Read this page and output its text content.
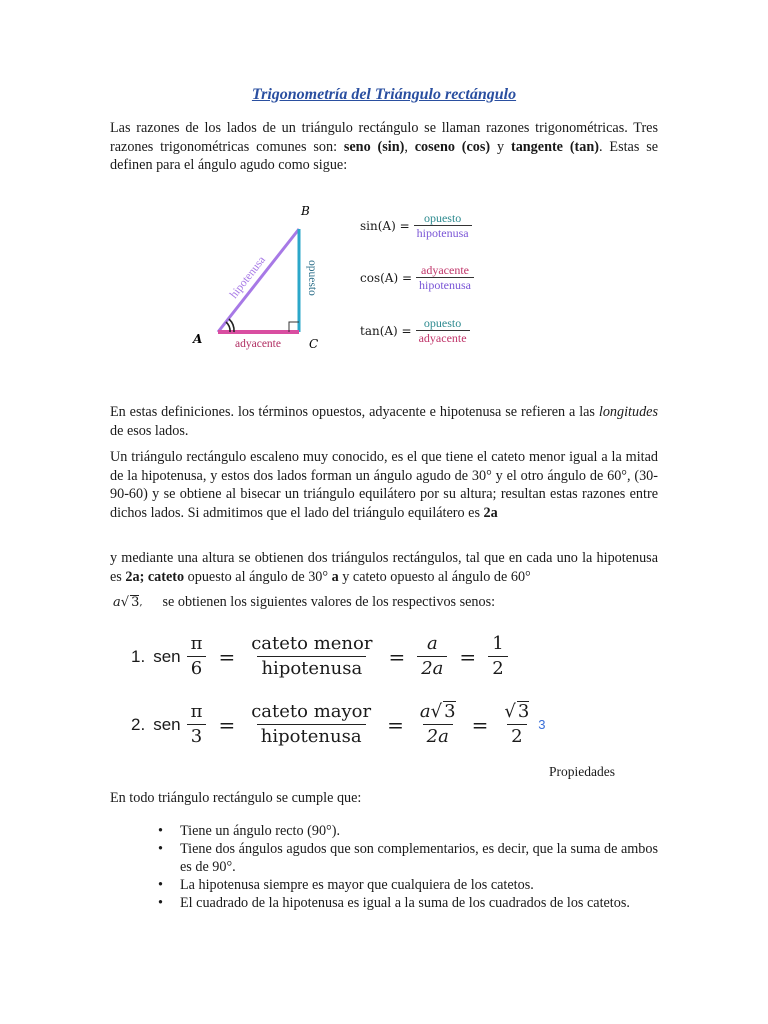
Trigonometría del Triángulo rectángulo
Las razones de los lados de un triángulo rectángulo se llaman razones trigonométricas. Tres razones trigonométricas comunes son: seno (sin), coseno (cos) y tangente (tan). Estas se definen para el ángulo agudo como sigue:
A
B
C
adyacente
hipotenusa	opuesto
$\sin(A) = \frac{\text{opuesto}}{\text{hipotenusa}}$
$\cos(A) = \frac{\text{adyacente}}{\text{hipotenusa}}$
$\tan(A) = \frac{\text{opuesto}}{\text{adyacente}}$
En estas definiciones. los términos opuestos, adyacente e hipotenusa se refieren a las longitudes de esos lados.
Un triángulo rectángulo escaleno muy conocido, es el que tiene el cateto menor igual a la mitad de la hipotenusa, y estos dos lados forman un ángulo agudo de 30° y el otro ángulo de 60°, (30-90-60) y se obtiene al bisecar un triángulo equilátero por su altura; resultan estas razones entre dichos lados. Si admitimos que el lado del triángulo equilátero es 2a
y mediante una altura se obtienen dos triángulos rectángulos, tal que en cada uno la hipotenusa es 2a; cateto opuesto al ángulo de 30° a y cateto opuesto al ángulo de 60°
a √ 3 , se obtienen los siguientes valores de los respectivos senos:
1. sen $\frac{\pi}{6} = \frac{\text{cateto menor}}{\text{hipotenusa}} = \frac{a}{2a} = \frac{1}{2}$
2. sen $\frac{\pi}{3} = \frac{\text{cateto mayor}}{\text{hipotenusa}} = \frac{a√ 3}{2a} = \frac{√ 3}{2} 3$
Propiedades
En todo triángulo rectángulo se cumple que:
•	Tiene un ángulo recto (90°).
•	Tiene dos ángulos agudos que son complementarios, es decir, que la suma de ambos es de 90°.
•	La hipotenusa siempre es mayor que cualquiera de los catetos.
•	El cuadrado de la hipotenusa es igual a la suma de los cuadrados de los catetos.
